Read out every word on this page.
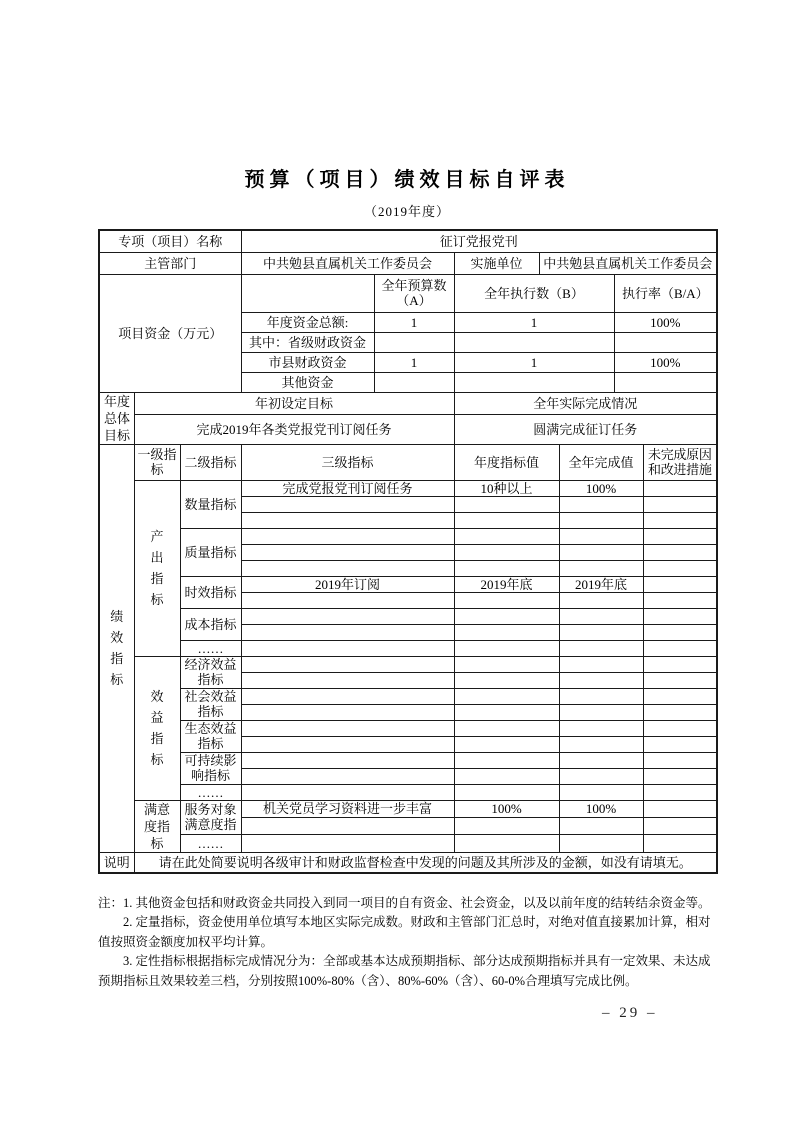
预算（项目）绩效目标自评表
（2019年度）
专项（项目）名称			征订党报党刊						
主管部门			中共勉县直属机关工作委员会		实施单位	中共勉县直属机关工作委员会			
项目资金（万元）				全年预算数（A）	全年执行数（B）			执行率（B/A）	
			年度资金总额:	1	1			100%	
			其中：省级财政资金						
			市县财政资金	1	1			100%	
			其他资金						
年度总体目标	年初设定目标				全年实际完成情况				
	完成2019年各类党报党刊订阅任务				圆满完成征订任务				
绩效指标	一级指标	二级指标	三级指标		年度指标值		全年完成值		未完成原因和改进措施
	产出指标	数量指标	完成党报党刊订阅任务		10种以上		100%		

		质量指标							

		时效指标	2019年订阅		2019年底		2019年底		

		成本指标							

		……							
	效益指标	经济效益指标							

		社会效益指标							

		生态效益指标							

		可持续影响指标							

		……							
	满意度指标	服务对象满意度指	机关党员学习资料进一步丰富		100%		100%		

		……							
说明	请在此处简要说明各级审计和财政监督检查中发现的问题及其所涉及的金额，如没有请填无。								

注：1. 其他资金包括和财政资金共同投入到同一项目的自有资金、社会资金，以及以前年度的结转结余资金等。

2. 定量指标，资金使用单位填写本地区实际完成数。财政和主管部门汇总时，对绝对值直接累加计算，相对值按照资金额度加权平均计算。

3. 定性指标根据指标完成情况分为：全部或基本达成预期指标、部分达成预期指标并具有一定效果、未达成预期指标且效果较差三档，分别按照100%-80%（含）、80%-60%（含）、60-0%合理填写完成比例。

– 29 –
